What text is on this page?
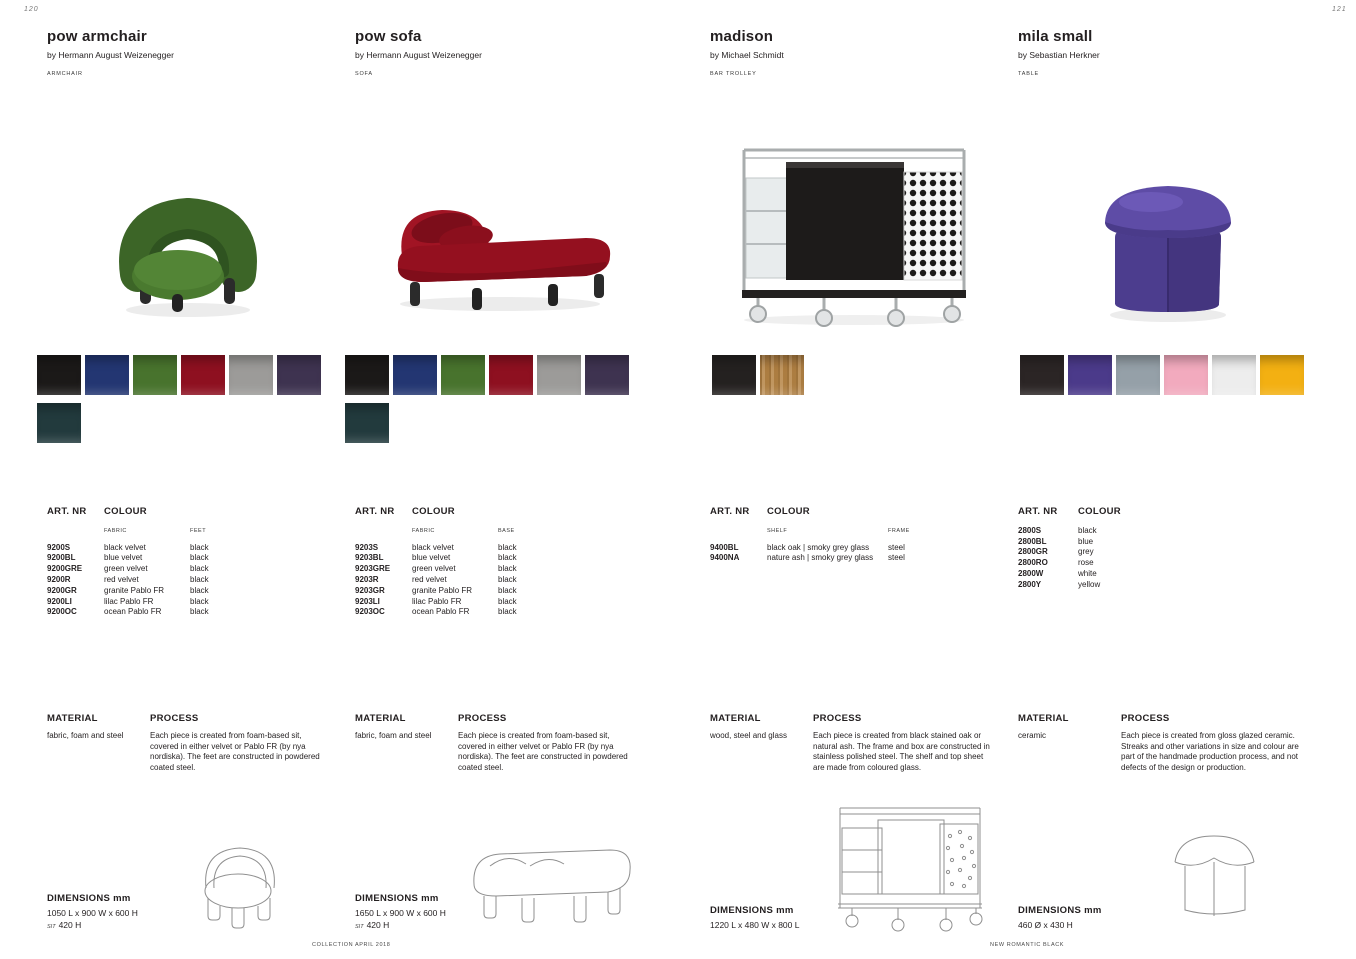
120	121
pow armchair
by Hermann August Weizenegger
ARMCHAIR
pow sofa
by Hermann August Weizenegger
SOFA
madison
by Michael Schmidt
BAR TROLLEY
mila small
by Sebastian Herkner
TABLE
ART. NR	COLOUR
FABRIC	FEET
9200S	black velvet	black
9200BL	blue velvet	black
9200GRE	green velvet	black
9200R	red velvet	black
9200GR	granite Pablo FR	black
9200LI	lilac Pablo FR	black
9200OC	ocean Pablo FR	black
ART. NR	COLOUR
FABRIC	BASE
9203S	black velvet	black
9203BL	blue velvet	black
9203GRE	green velvet	black
9203R	red velvet	black
9203GR	granite Pablo FR	black
9203LI	lilac Pablo FR	black
9203OC	ocean Pablo FR	black
ART. NR	COLOUR
SHELF	FRAME
9400BL	black oak | smoky grey glass	steel
9400NA	nature ash | smoky grey glass	steel
ART. NR	COLOUR
2800S	black
2800BL	blue
2800GR	grey
2800RO	rose
2800W	white
2800Y	yellow
MATERIAL
fabric, foam and steel
PROCESS
Each piece is created from foam-based sit, covered in either velvet or Pablo FR (by nya nordiska). The feet are constructed in powdered coated steel.
MATERIAL
fabric, foam and steel
PROCESS
Each piece is created from foam-based sit, covered in either velvet or Pablo FR (by nya nordiska). The feet are constructed in powdered coated steel.
MATERIAL
wood, steel and glass
PROCESS
Each piece is created from black stained oak or natural ash. The frame and box are constructed in stainless polished steel. The shelf and top sheet are made from coloured glass.
MATERIAL
ceramic
PROCESS
Each piece is created from gloss glazed ceramic. Streaks and other variations in size and colour are part of the handmade production process, and not defects of the design or production.
DIMENSIONS mm
1050 L x 900 W x 600 H
SIT 420 H
DIMENSIONS mm
1650 L x 900 W x 600 H
SIT 420 H
DIMENSIONS mm
1220 L x 480 W x 800 L
DIMENSIONS mm
460 Ø x 430 H
COLLECTION APRIL 2018	NEW ROMANTIC BLACK
